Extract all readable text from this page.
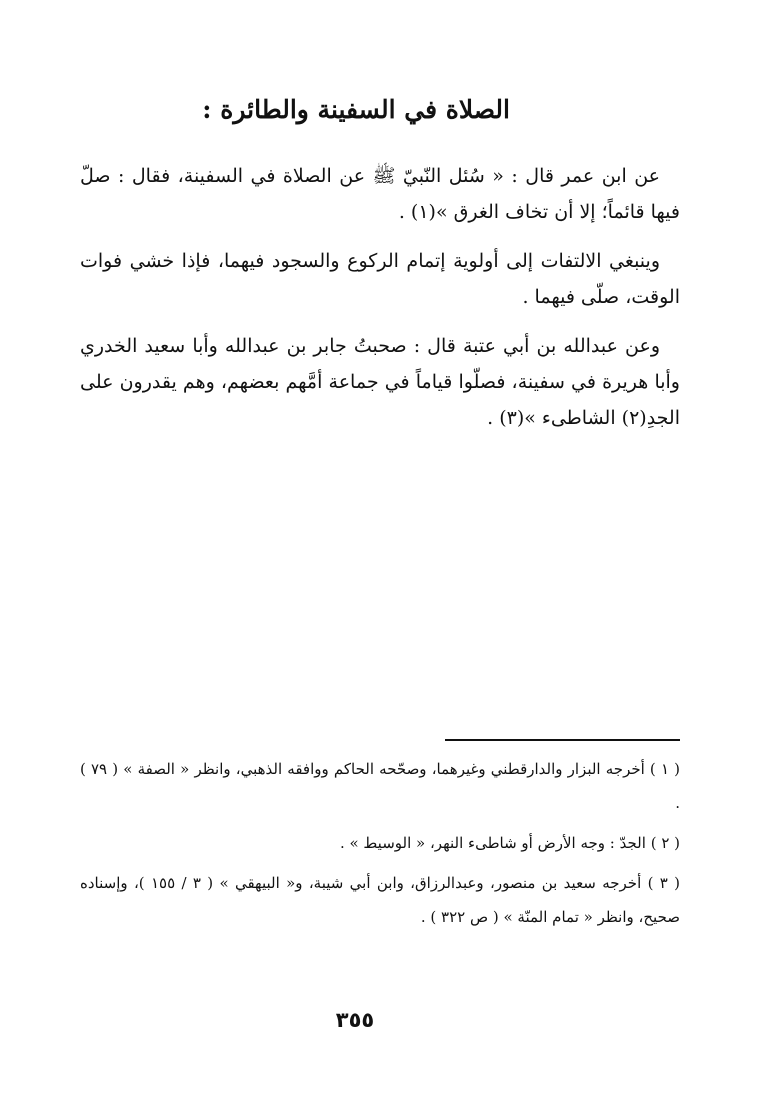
الصلاة في السفينة والطائرة :

عن ابن عمر قال : « سُئل النّبيّ ﷺ عن الصلاة في السفينة، فقال : صلّ فيها قائماً؛ إلا أن تخاف الغرق »(١) .

وينبغي الالتفات إلى أولوية إتمام الركوع والسجود فيهما، فإذا خشي فوات الوقت، صلّى فيهما .

وعن عبدالله بن أبي عتبة قال : صحبتُ جابر بن عبدالله وأبا سعيد الخدري وأبا هريرة في سفينة، فصلّوا قياماً في جماعة أمَّهم بعضهم، وهم يقدرون على الجدِ(٢) الشاطىء »(٣) .

( ١ ) أخرجه البزار والدارقطني وغيرهما، وصحّحه الحاكم ووافقه الذهبي، وانظر « الصفة » ( ٧٩ ) .

( ٢ ) الجدّ : وجه الأرض أو شاطىء النهر، « الوسيط » .

( ٣ ) أخرجه سعيد بن منصور، وعبدالرزاق، وابن أبي شيبة، و« البيهقي » ( ٣ / ١٥٥ )، وإسناده صحيح، وانظر « تمام المنّة » ( ص ٣٢٢ ) .

٣٥٥
